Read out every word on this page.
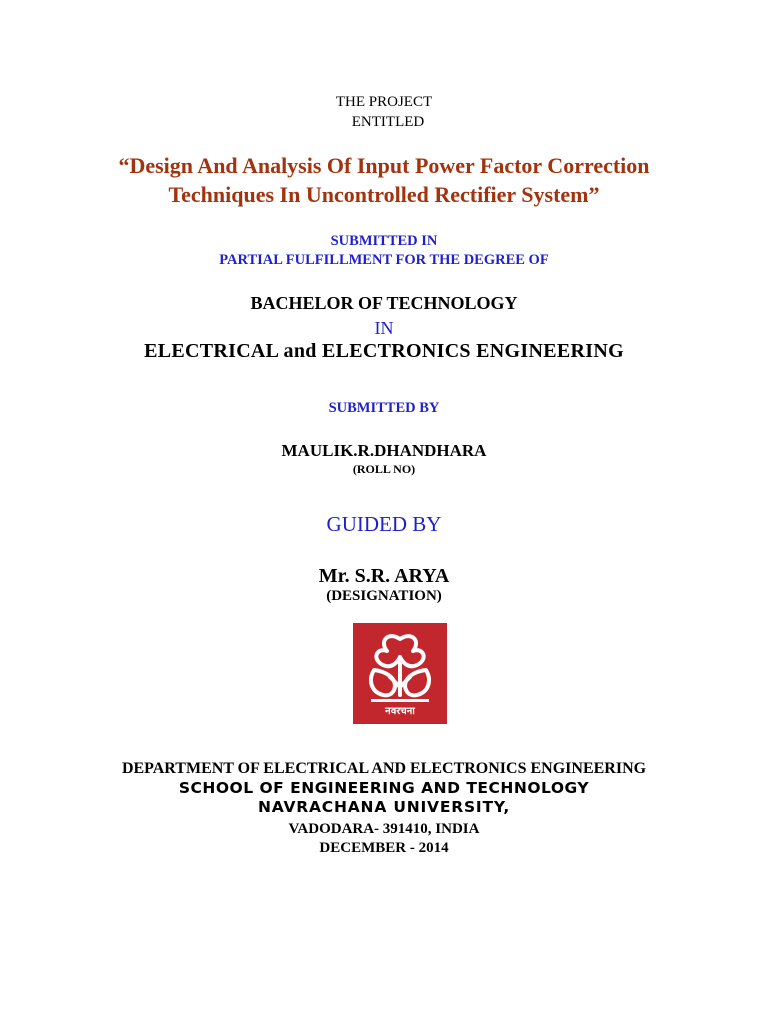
THE PROJECT
ENTITLED
“Design And Analysis Of Input Power Factor Correction
Techniques In Uncontrolled Rectifier System”
SUBMITTED IN
PARTIAL FULFILLMENT FOR THE DEGREE OF
BACHELOR OF TECHNOLOGY
IN
ELECTRICAL and ELECTRONICS ENGINEERING
SUBMITTED BY
MAULIK.R.DHANDHARA
(ROLL NO)
GUIDED BY
Mr. S.R. ARYA
(DESIGNATION)
नवरचना
DEPARTMENT OF ELECTRICAL AND ELECTRONICS ENGINEERING
SCHOOL OF ENGINEERING AND TECHNOLOGY
NAVRACHANA UNIVERSITY,
VADODARA- 391410, INDIA
DECEMBER - 2014
